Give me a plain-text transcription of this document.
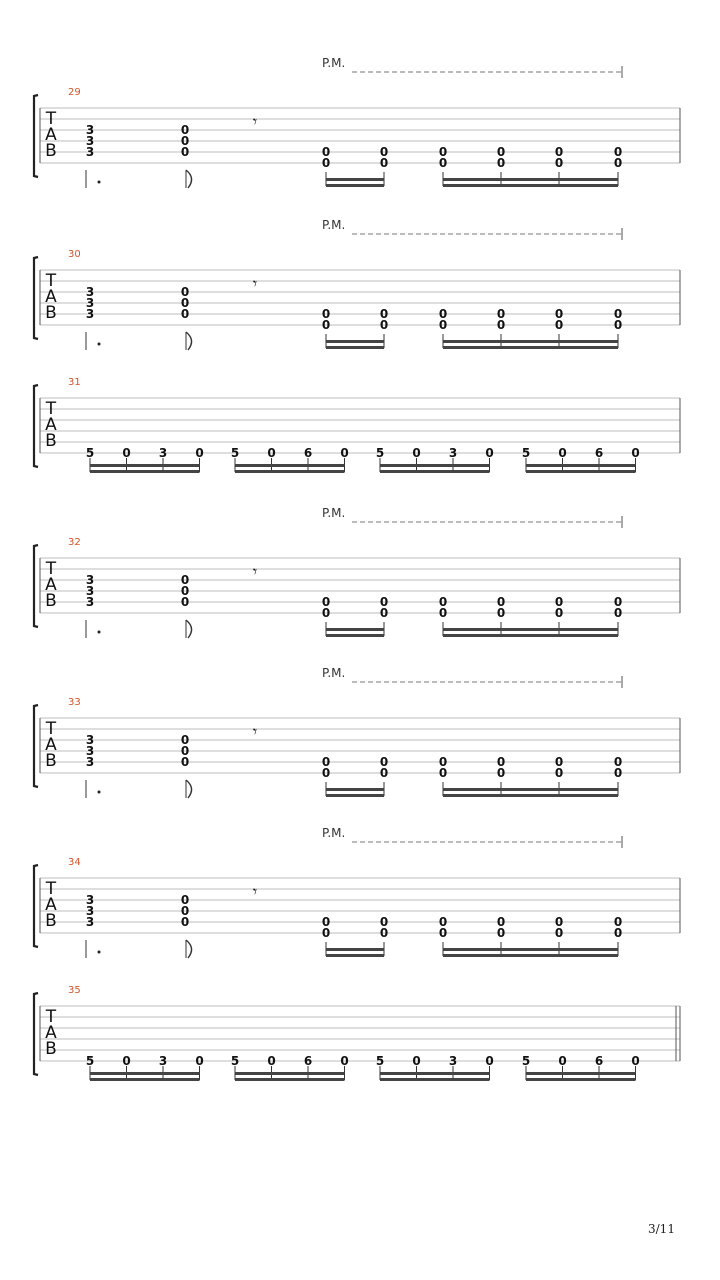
T
A
B
29
P.M.
3
3
3
0
0
0
𝄾
0
0
0
0
0
0
0
0
0
0
0
0
T
A
B
30
P.M.
3
3
3
0
0
0
𝄾
0
0
0
0
0
0
0
0
0
0
0
0
T
A
B
31
5 0 3 0 5 0 6 0 5 0 3 0 5 0 6 0
T
A
B
32
P.M.
3
3
3
0
0
0
𝄾
0
0
0
0
0
0
0
0
0
0
0
0
T
A
B
33
P.M.
3
3
3
0
0
0
𝄾
0
0
0
0
0
0
0
0
0
0
0
0
T
A
B
34
P.M.
3
3
3
0
0
0
𝄾
0
0
0
0
0
0
0
0
0
0
0
0
T
A
B
35
5 0 3 0 5 0 6 0 5 0 3 0 5 0 6 0
3/11
